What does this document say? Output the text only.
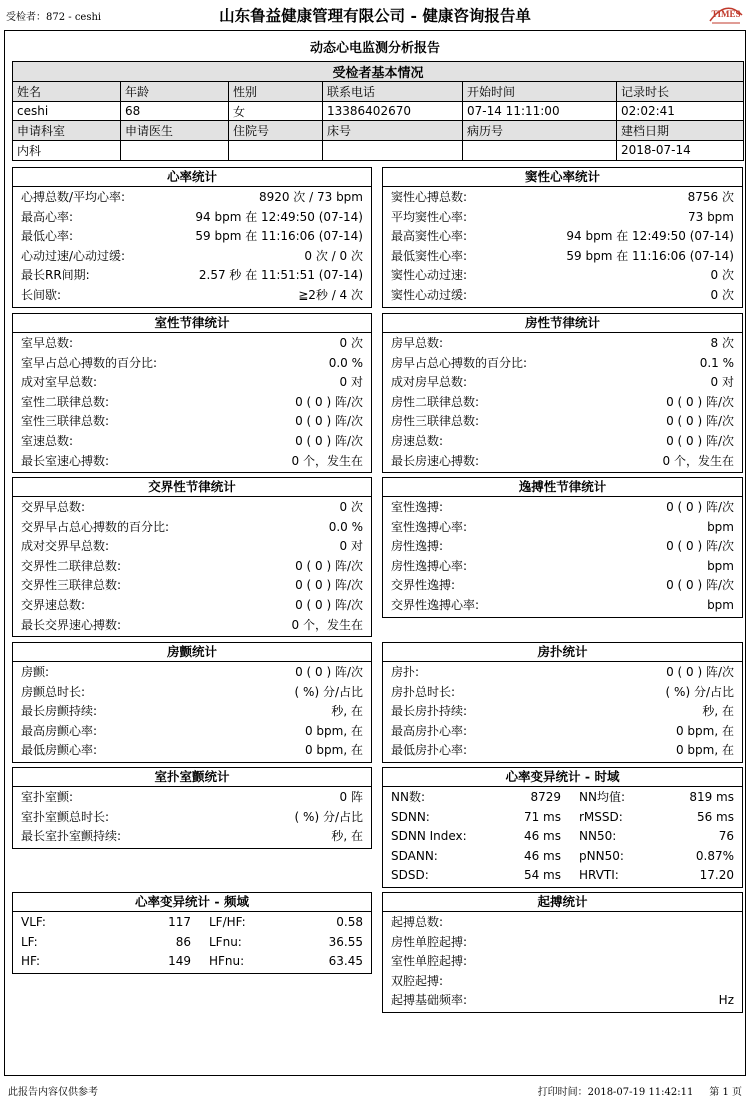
受检者：872 - ceshi	山东鲁益健康管理有限公司 - 健康咨询报告单	TIMES
动态心电监测分析报告
受检者基本情况					
姓名	年龄	性别	联系电话	开始时间	记录时长
ceshi	68	女	13386402670	07-14 11:11:00	02:02:41
申请科室	申请医生	住院号	床号	病历号	建档日期
内科					2018-07-14
心率统计
心搏总数/平均心率:	8920 次 / 73 bpm
最高心率:	94 bpm 在 12:49:50 (07-14)
最低心率:	59 bpm 在 11:16:06 (07-14)
心动过速/心动过缓:	0 次 / 0 次
最长RR间期:	2.57 秒 在 11:51:51 (07-14)
长间歇:	≧2秒 / 4 次
窦性心率统计
窦性心搏总数:	8756 次
平均窦性心率:	73 bpm
最高窦性心率:	94 bpm 在 12:49:50 (07-14)
最低窦性心率:	59 bpm 在 11:16:06 (07-14)
窦性心动过速:	0 次
窦性心动过缓:	0 次
室性节律统计
室早总数:	0 次
室早占总心搏数的百分比:	0.0 %
成对室早总数:	0 对
室性二联律总数:	0 ( 0 ) 阵/次
室性三联律总数:	0 ( 0 ) 阵/次
室速总数:	0 ( 0 ) 阵/次
最长室速心搏数:	0 个，发生在
房性节律统计
房早总数:	8 次
房早占总心搏数的百分比:	0.1 %
成对房早总数:	0 对
房性二联律总数:	0 ( 0 ) 阵/次
房性三联律总数:	0 ( 0 ) 阵/次
房速总数:	0 ( 0 ) 阵/次
最长房速心搏数:	0 个，发生在
交界性节律统计
交界早总数:	0 次
交界早占总心搏数的百分比:	0.0 %
成对交界早总数:	0 对
交界性二联律总数:	0 ( 0 ) 阵/次
交界性三联律总数:	0 ( 0 ) 阵/次
交界速总数:	0 ( 0 ) 阵/次
最长交界速心搏数:	0 个，发生在
逸搏性节律统计
室性逸搏:	0 ( 0 ) 阵/次
室性逸搏心率:	bpm
房性逸搏:	0 ( 0 ) 阵/次
房性逸搏心率:	bpm
交界性逸搏:	0 ( 0 ) 阵/次
交界性逸搏心率:	bpm
房颤统计
房颤:	0 ( 0 ) 阵/次
房颤总时长:	( %) 分/占比
最长房颤持续:	秒, 在
最高房颤心率:	0 bpm, 在
最低房颤心率:	0 bpm, 在
房扑统计
房扑:	0 ( 0 ) 阵/次
房扑总时长:	( %) 分/占比
最长房扑持续:	秒, 在
最高房扑心率:	0 bpm, 在
最低房扑心率:	0 bpm, 在
室扑室颤统计
室扑室颤:	0 阵
室扑室颤总时长:	( %) 分/占比
最长室扑室颤持续:	秒, 在
心率变异统计 - 时域
NN数:	8729	NN均值:	819 ms
SDNN:	71 ms	rMSSD:	56 ms
SDNN Index:	46 ms	NN50:	76
SDANN:	46 ms	pNN50:	0.87%
SDSD:	54 ms	HRVTI:	17.20
心率变异统计 - 频域
VLF:	117	LF/HF:	0.58
LF:	86	LFnu:	36.55
HF:	149	HFnu:	63.45
起搏统计
起搏总数:
房性单腔起搏:
室性单腔起搏:
双腔起搏:
起搏基础频率:	Hz
此报告内容仅供参考	打印时间：2018-07-19 11:42:11 第 1 页
